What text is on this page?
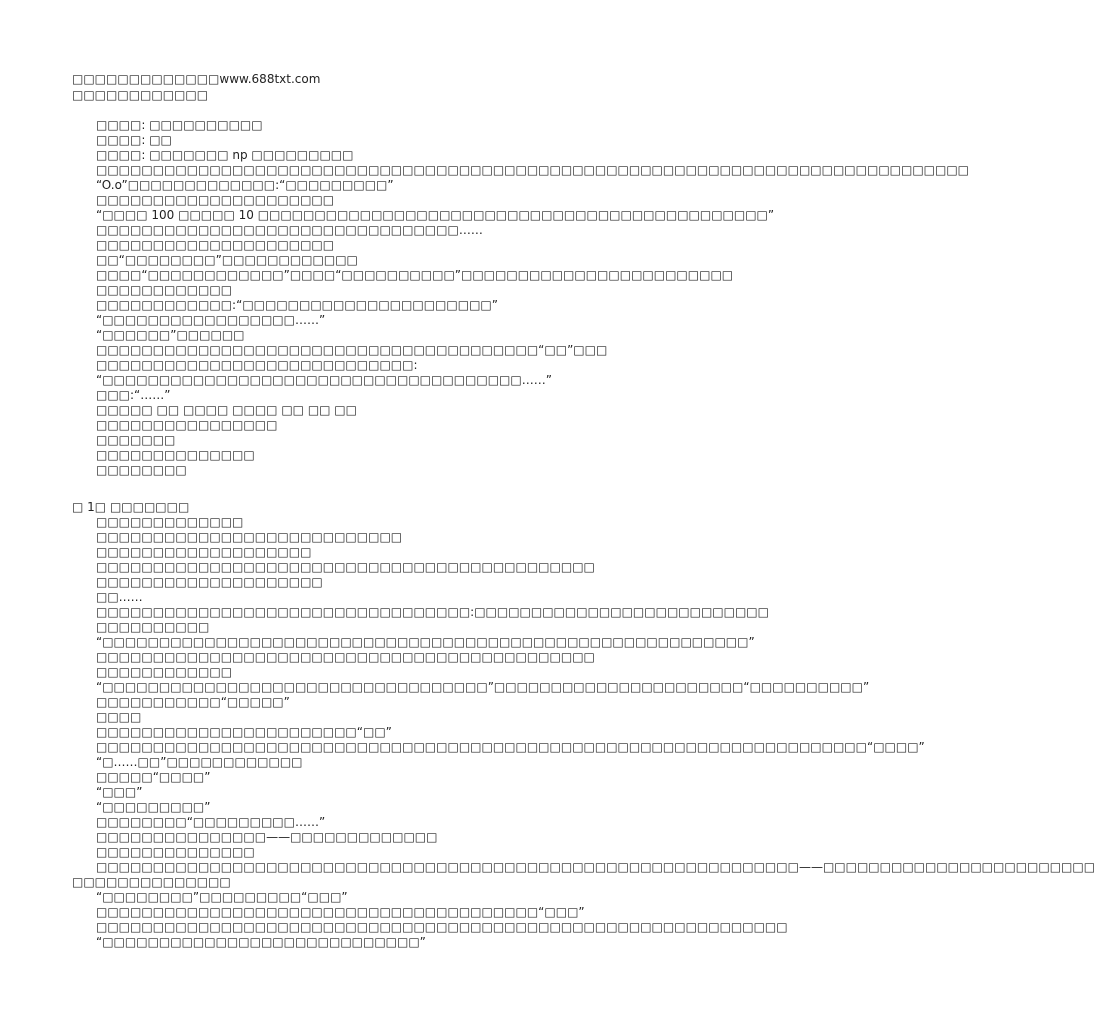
□□□□□□□□□□□□□www.688txt.com
□□□□□□□□□□□□
□□□□: □□□□□□□□□□
□□□□: □□
□□□□: □□□□□□□ np □□□□□□□□□
□□□□□□□□□□□□□□□□□□□□□□□□□□□□□□□□□□□□□□□□□□□□□□□□□□□□□□□□□□□□□□□□□□□□□□□□□□□□□
“O.o”□□□□□□□□□□□□□:“□□□□□□□□□”
□□□□□□□□□□□□□□□□□□□□□
“□□□□ 100 □□□□□ 10 □□□□□□□□□□□□□□□□□□□□□□□□□□□□□□□□□□□□□□□□□□□□□”
□□□□□□□□□□□□□□□□□□□□□□□□□□□□□□□□……
□□□□□□□□□□□□□□□□□□□□□
□□“□□□□□□□□”□□□□□□□□□□□□
□□□□“□□□□□□□□□□□□”□□□□“□□□□□□□□□□”□□□□□□□□□□□□□□□□□□□□□□□□
□□□□□□□□□□□□
□□□□□□□□□□□□:“□□□□□□□□□□□□□□□□□□□□□□”
“□□□□□□□□□□□□□□□□□……”
“□□□□□□”□□□□□□
□□□□□□□□□□□□□□□□□□□□□□□□□□□□□□□□□□□□□□□“□□”□□□
□□□□□□□□□□□□□□□□□□□□□□□□□□□□:
“□□□□□□□□□□□□□□□□□□□□□□□□□□□□□□□□□□□□□……”
□□□:“……”
□□□□□ □□ □□□□ □□□□ □□ □□ □□
□□□□□□□□□□□□□□□□
□□□□□□□
□□□□□□□□□□□□□□
□□□□□□□□
□ 1□ □□□□□□□
□□□□□□□□□□□□□
□□□□□□□□□□□□□□□□□□□□□□□□□□□
□□□□□□□□□□□□□□□□□□□
□□□□□□□□□□□□□□□□□□□□□□□□□□□□□□□□□□□□□□□□□□□□
□□□□□□□□□□□□□□□□□□□□
□□……
□□□□□□□□□□□□□□□□□□□□□□□□□□□□□□□□□:□□□□□□□□□□□□□□□□□□□□□□□□□□
□□□□□□□□□□
“□□□□□□□□□□□□□□□□□□□□□□□□□□□□□□□□□□□□□□□□□□□□□□□□□□□□□□□□□”
□□□□□□□□□□□□□□□□□□□□□□□□□□□□□□□□□□□□□□□□□□□□
□□□□□□□□□□□□
“□□□□□□□□□□□□□□□□□□□□□□□□□□□□□□□□□□”□□□□□□□□□□□□□□□□□□□□□□“□□□□□□□□□□”
□□□□□□□□□□□“□□□□□”
□□□□
□□□□□□□□□□□□□□□□□□□□□□□“□□”
□□□□□□□□□□□□□□□□□□□□□□□□□□□□□□□□□□□□□□□□□□□□□□□□□□□□□□□□□□□□□□□□□□□□“□□□□”
“□……□□”□□□□□□□□□□□□
□□□□□“□□□□”
“□□□”
“□□□□□□□□□”
□□□□□□□□“□□□□□□□□□……”
□□□□□□□□□□□□□□□——□□□□□□□□□□□□□
□□□□□□□□□□□□□□
□□□□□□□□□□□□□□□□□□□□□□□□□□□□□□□□□□□□□□□□□□□□□□□□□□□□□□□□□□□□□□——□□□□□□□□□□□□□□□□□□□□□□□□
□□□□□□□□□□□□□□
“□□□□□□□□”□□□□□□□□□“□□□”
□□□□□□□□□□□□□□□□□□□□□□□□□□□□□□□□□□□□□□□“□□□”
□□□□□□□□□□□□□□□□□□□□□□□□□□□□□□□□□□□□□□□□□□□□□□□□□□□□□□□□□□□□□
“□□□□□□□□□□□□□□□□□□□□□□□□□□□□”
